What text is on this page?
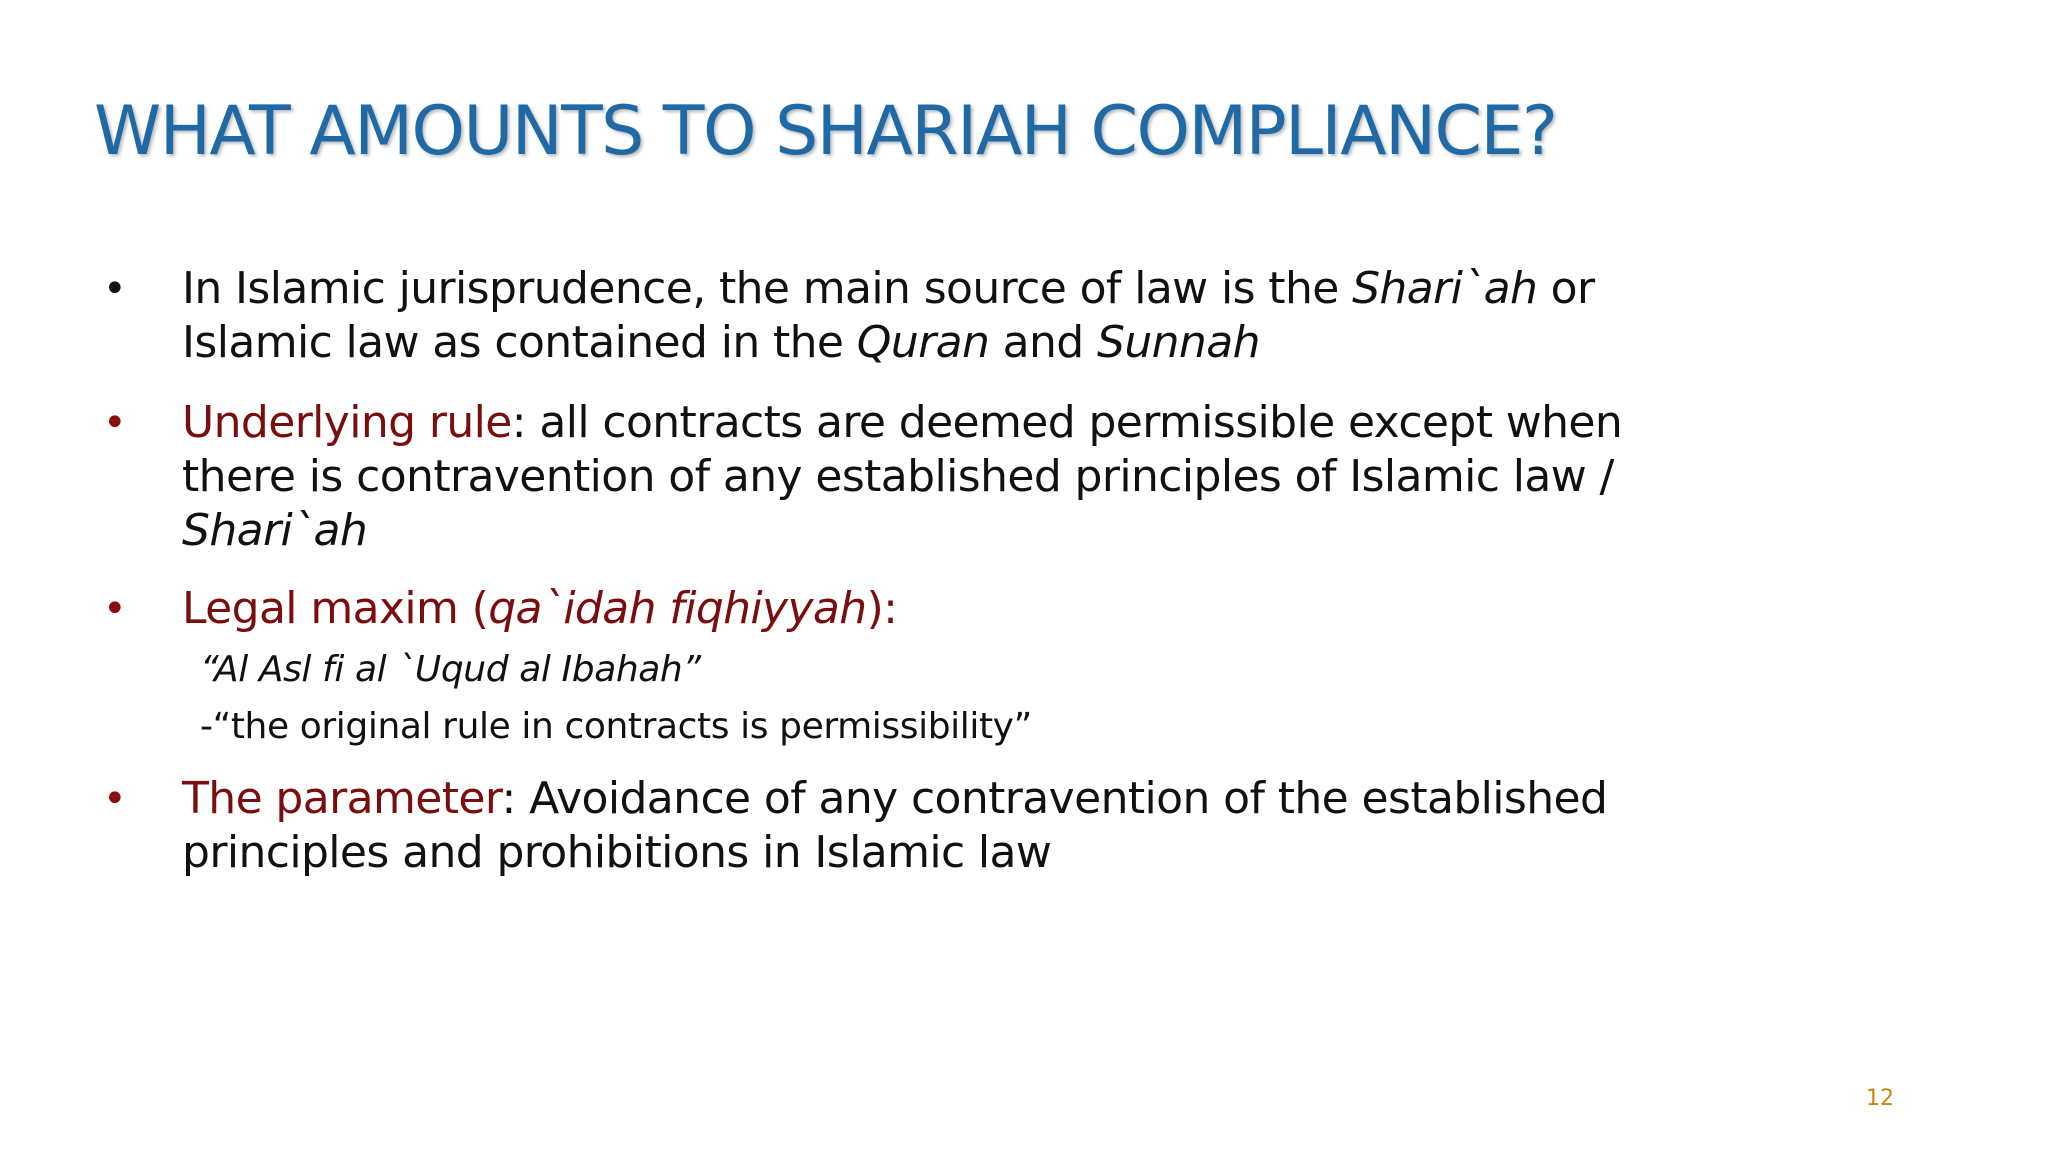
WHAT AMOUNTS TO SHARIAH COMPLIANCE?
• In Islamic jurisprudence, the main source of law is the Shari`ah or
Islamic law as contained in the Quran and Sunnah
• Underlying rule: all contracts are deemed permissible except when
there is contravention of any established principles of Islamic law /
Shari`ah
• Legal maxim (qa`idah fiqhiyyah):
“Al Asl fi al `Uqud al Ibahah”
-“the original rule in contracts is permissibility”
• The parameter: Avoidance of any contravention of the established
principles and prohibitions in Islamic law
12
